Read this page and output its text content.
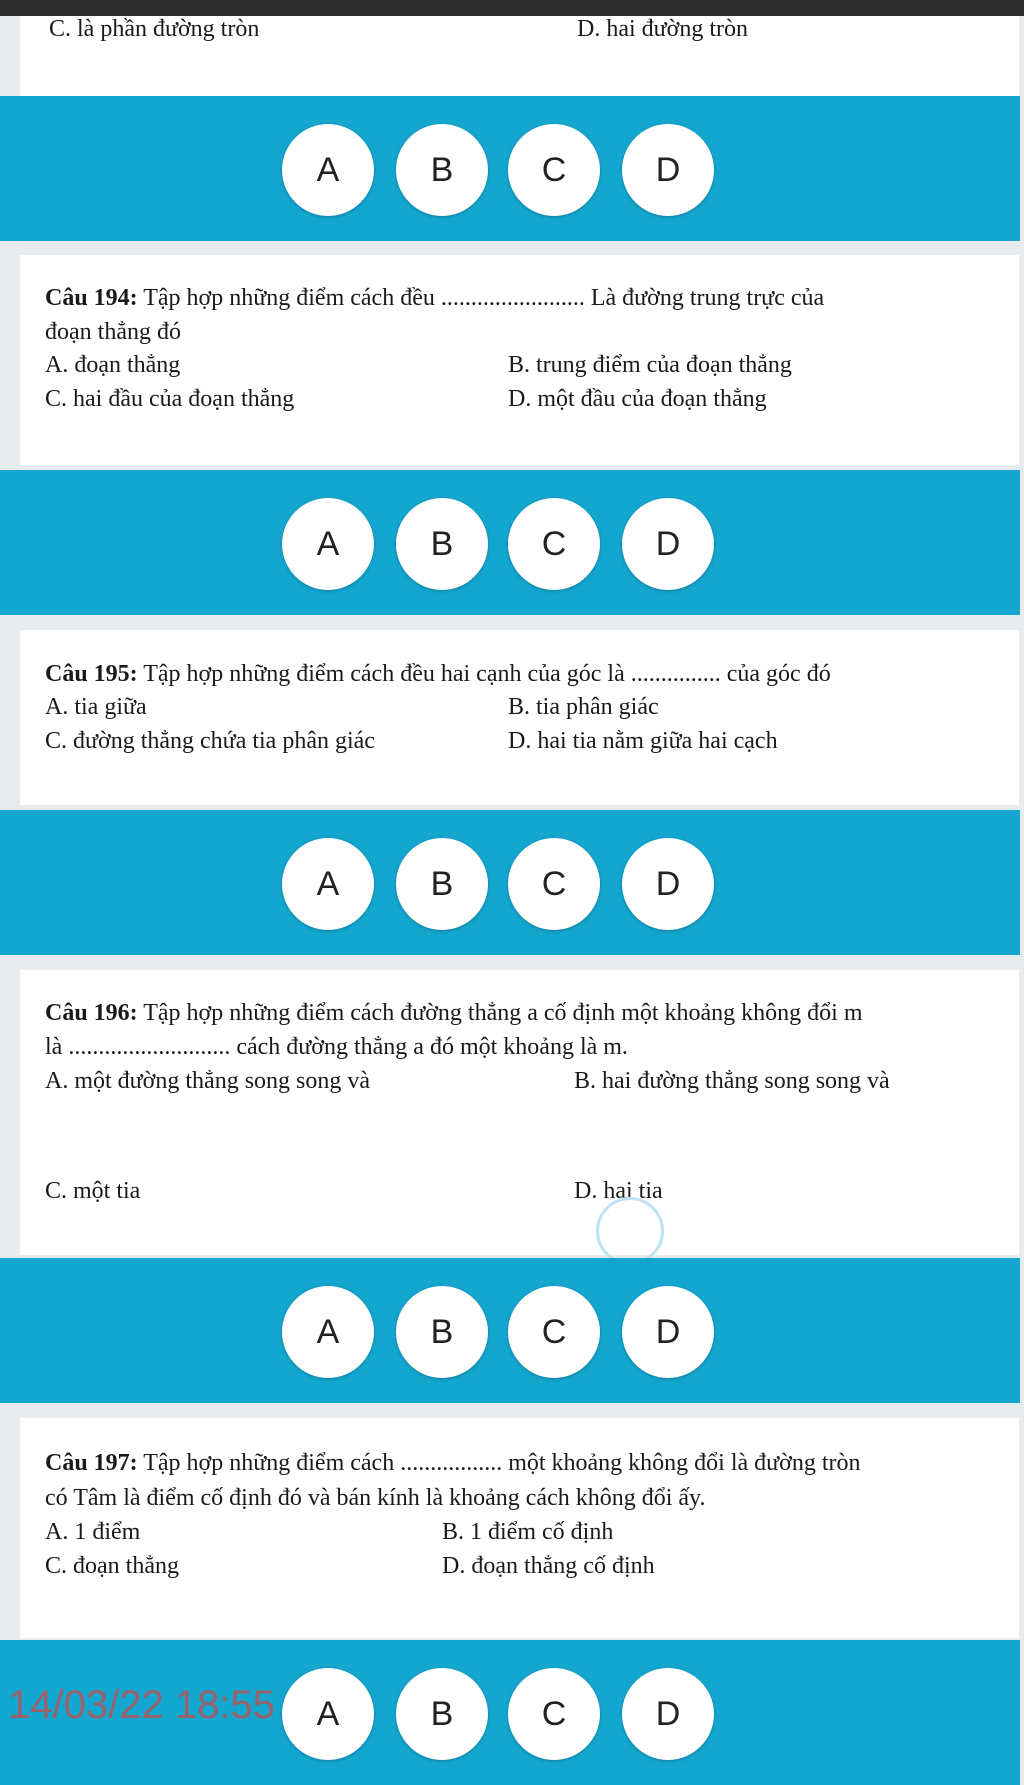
C. là phần đường tròn	D. hai đường tròn
A	B	C	D
Câu 194: Tập hợp những điểm cách đều ........................ Là đường trung trực của
đoạn thẳng đó
A. đoạn thẳng	B. trung điểm của đoạn thẳng
C. hai đầu của đoạn thẳng	D. một đầu của đoạn thẳng
A	B	C	D
Câu 195: Tập hợp những điểm cách đều hai cạnh của góc là ............... của góc đó
A. tia giữa	B. tia phân giác
C. đường thẳng chứa tia phân giác	D. hai tia nằm giữa hai cạch
A	B	C	D
Câu 196: Tập hợp những điểm cách đường thẳng a cố định một khoảng không đổi m
là ........................... cách đường thẳng a đó một khoảng là m.
A. một đường thẳng song song và	B. hai đường thẳng song song và
C. một tia	D. hai tia
A	B	C	D
Câu 197: Tập hợp những điểm cách ................. một khoảng không đổi là đường tròn
có Tâm là điểm cố định đó và bán kính là khoảng cách không đổi ấy.
A. 1 điểm	B. 1 điểm cố định
C. đoạn thẳng	D. đoạn thẳng cố định
A	B	C	D
14/03/22 18:55
